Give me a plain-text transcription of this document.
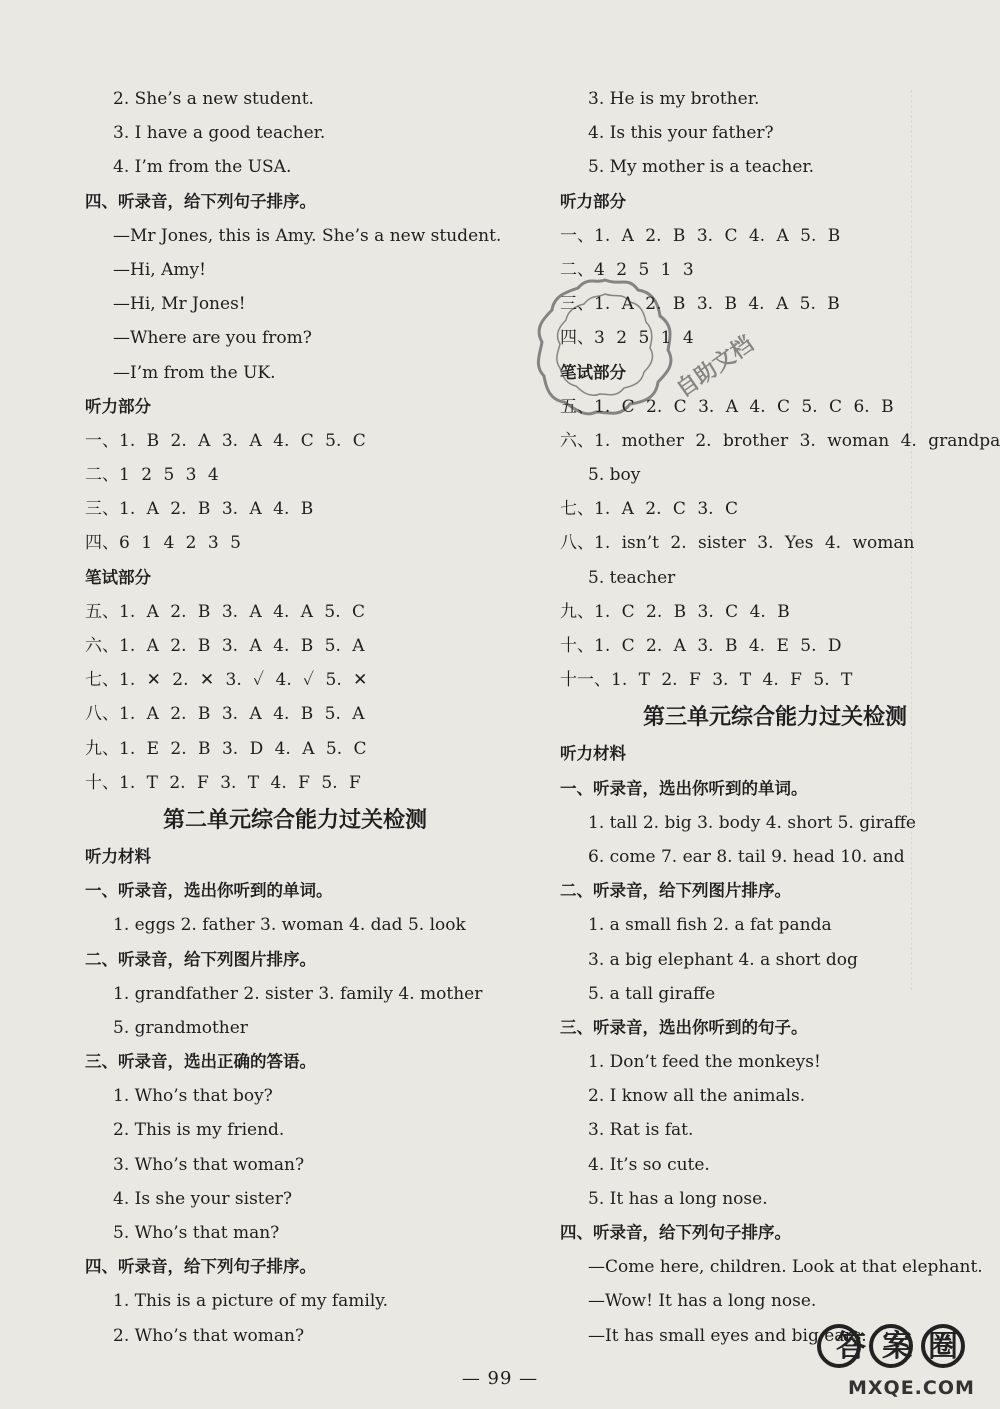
2. She’s a new student.
3. I have a good teacher.
4. I’m from the USA.
四、听录音，给下列句子排序。
—Mr Jones, this is Amy. She’s a new student.
—Hi, Amy!
—Hi, Mr Jones!
—Where are you from?
—I’m from the UK.
听力部分
一、1. B 2. A 3. A 4. C 5. C
二、1 2 5 3 4
三、1. A 2. B 3. A 4. B
四、6 1 4 2 3 5
笔试部分
五、1. A 2. B 3. A 4. A 5. C
六、1. A 2. B 3. A 4. B 5. A
七、1. ✕ 2. ✕ 3. ✓ 4. ✓ 5. ✕
八、1. A 2. B 3. A 4. B 5. A
九、1. E 2. B 3. D 4. A 5. C
十、1. T 2. F 3. T 4. F 5. F
第二单元综合能力过关检测
听力材料
一、听录音，选出你听到的单词。
1. eggs 2. father 3. woman 4. dad 5. look
二、听录音，给下列图片排序。
1. grandfather 2. sister 3. family 4. mother
5. grandmother
三、听录音，选出正确的答语。
1. Who’s that boy?
2. This is my friend.
3. Who’s that woman?
4. Is she your sister?
5. Who’s that man?
四、听录音，给下列句子排序。
1. This is a picture of my family.
2. Who’s that woman?
3. He is my brother.
4. Is this your father?
5. My mother is a teacher.
听力部分
一、1. A 2. B 3. C 4. A 5. B
二、4 2 5 1 3
三、1. A 2. B 3. B 4. A 5. B
四、3 2 5 1 4
笔试部分
五、1. C 2. C 3. A 4. C 5. C 6. B
六、1. mother 2. brother 3. woman 4. grandpa
5. boy
七、1. A 2. C 3. C
八、1. isn’t 2. sister 3. Yes 4. woman
5. teacher
九、1. C 2. B 3. C 4. B
十、1. C 2. A 3. B 4. E 5. D
十一、1. T 2. F 3. T 4. F 5. T
第三单元综合能力过关检测
听力材料
一、听录音，选出你听到的单词。
1. tall 2. big 3. body 4. short 5. giraffe
6. come 7. ear 8. tail 9. head 10. and
二、听录音，给下列图片排序。
1. a small fish 2. a fat panda
3. a big elephant 4. a short dog
5. a tall giraffe
三、听录音，选出你听到的句子。
1. Don’t feed the monkeys!
2. I know all the animals.
3. Rat is fat.
4. It’s so cute.
5. It has a long nose.
四、听录音，给下列句子排序。
—Come here, children. Look at that elephant.
—Wow! It has a long nose.
—It has small eyes and big ears.
自助文档
答案圈
MXQE.COM
— 99 —
